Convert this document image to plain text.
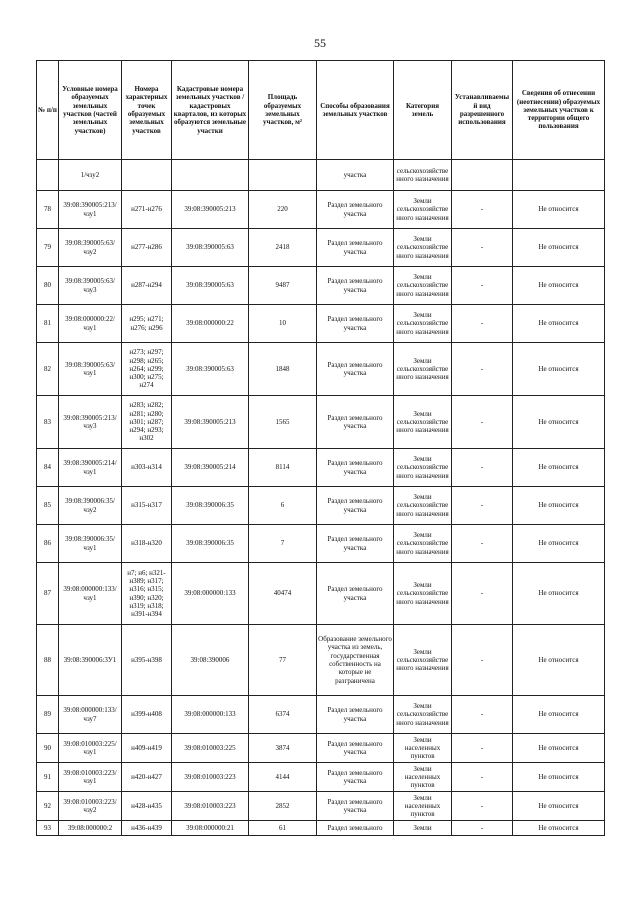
55
№ п/п	Условные номера образуемых земельных участков (частей земельных участков)	Номера характерных точек образуемых земельных участков	Кадастровые номера земельных участков / кадастровых кварталов, из которых образуются земельные участки	Площадь образуемых земельных участков, м²	Способы образования земельных участков	Категория земель	Устанавливаемый вид разрешенного использования	Сведения об отнесении (неотнесении) образуемых земельных участков к территории общего пользования
	1/чзу2				участка	сельскохозяйственного назначения		
78	39:08:390005:213/чзу1	н271-н276	39:08:390005:213	220	Раздел земельного участка	Земли сельскохозяйственного назначения	-	Не относится
79	39:08:390005:63/чзу2	н277-н286	39:08:390005:63	2418	Раздел земельного участка	Земли сельскохозяйственного назначения	-	Не относится
80	39:08:390005:63/чзу3	н287-н294	39:08:390005:63	9487	Раздел земельного участка	Земли сельскохозяйственного назначения	-	Не относится
81	39:08:000000:22/чзу1	н295; н271; н276; н296	39:08:000000:22	10	Раздел земельного участка	Земли сельскохозяйственного назначения	-	Не относится
82	39:08:390005:63/чзу1	н273; н297; н298; н265; н264; н299; н300; н275; н274	39:08:390005:63	1848	Раздел земельного участка	Земли сельскохозяйственного назначения	-	Не относится
83	39:08:390005:213/чзу3	н283; н282; н281; н280; н301; н287; н294; н293; н302	39:08:390005:213	1565	Раздел земельного участка	Земли сельскохозяйственного назначения	-	Не относится
84	39:08:390005:214/чзу1	н303-н314	39:08:390005:214	8114	Раздел земельного участка	Земли сельскохозяйственного назначения	-	Не относится
85	39:08:390006:35/чзу2	н315-н317	39:08:390006:35	6	Раздел земельного участка	Земли сельскохозяйственного назначения	-	Не относится
86	39:08:390006:35/чзу1	н318-н320	39:08:390006:35	7	Раздел земельного участка	Земли сельскохозяйственного назначения	-	Не относится
87	39:08:000000:133/чзу1	н7; н6; н321-н389; н317; н316; н315; н390; н320; н319; н318; н391-н394	39:08:000000:133	40474	Раздел земельного участка	Земли сельскохозяйственного назначения	-	Не относится
88	39:08:390006:3У1	н395-н398	39:08:390006	77	Образование земельного участка из земель, государственная собственность на которые не разграничена	Земли сельскохозяйственного назначения	-	Не относится
89	39:08:000000:133/чзу7	н399-н408	39:08:000000:133	6374	Раздел земельного участка	Земли сельскохозяйственного назначения	-	Не относится
90	39:08:010003:225/чзу1	н409-н419	39:08:010003:225	3874	Раздел земельного участка	Земли населенных пунктов	-	Не относится
91	39:08:010003:223/чзу1	н420-н427	39:08:010003:223	4144	Раздел земельного участка	Земли населенных пунктов	-	Не относится
92	39:08:010003:223/чзу2	н428-н435	39:08:010003:223	2852	Раздел земельного участка	Земли населенных пунктов	-	Не относится
93	39:08:000000:2	н436-н439	39:08:000000:21	61	Раздел земельного	Земли	-	Не относится
